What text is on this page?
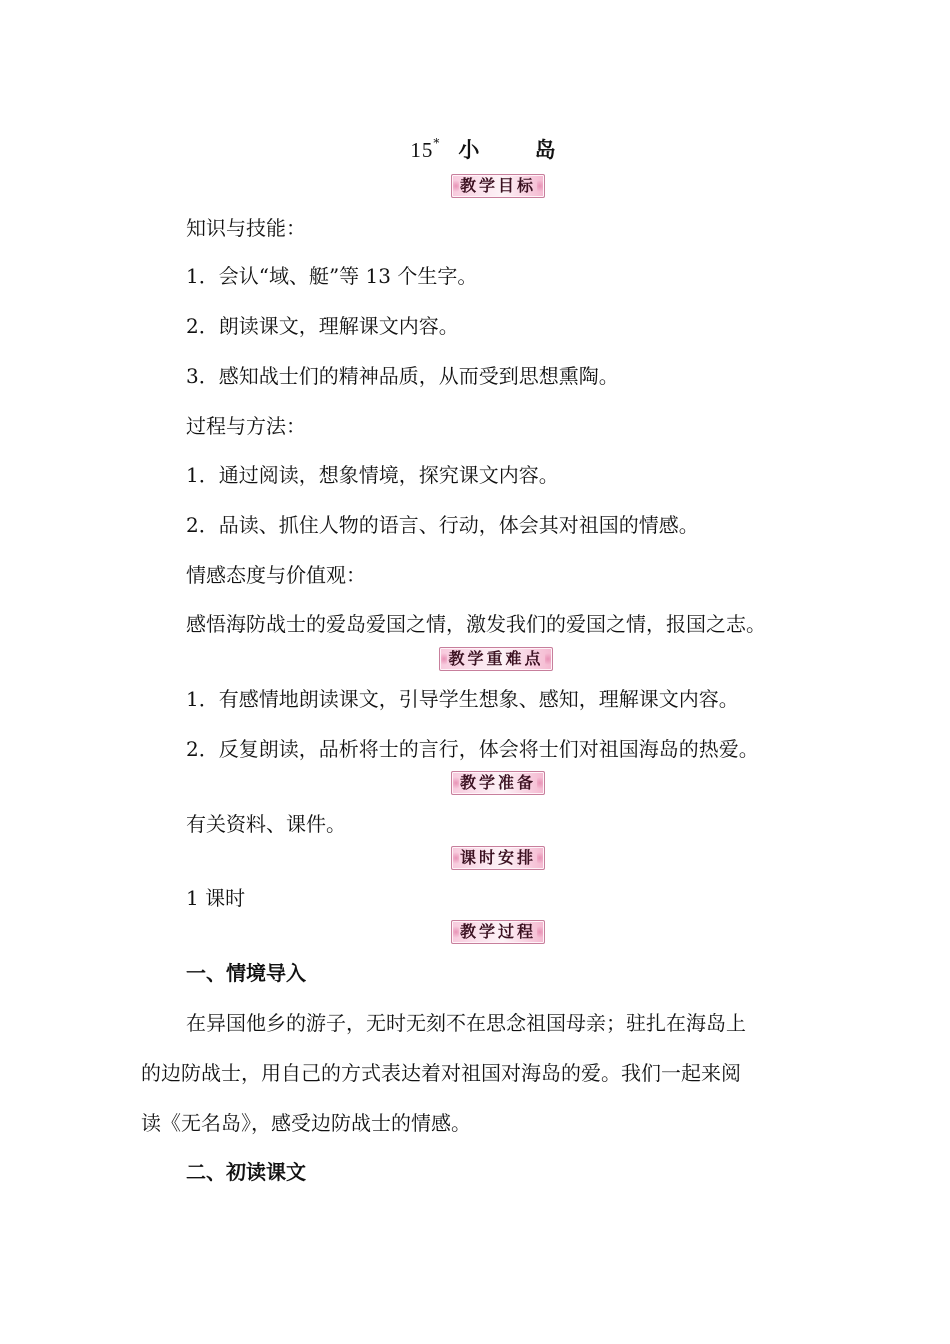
15* 小 岛
教学目标
知识与技能：
1．会认“域、艇”等 13 个生字。
2．朗读课文，理解课文内容。
3．感知战士们的精神品质，从而受到思想熏陶。
过程与方法：
1．通过阅读，想象情境，探究课文内容。
2．品读、抓住人物的语言、行动，体会其对祖国的情感。
情感态度与价值观：
感悟海防战士的爱岛爱国之情，激发我们的爱国之情，报国之志。
教学重难点
1．有感情地朗读课文，引导学生想象、感知，理解课文内容。
2．反复朗读，品析将士的言行，体会将士们对祖国海岛的热爱。
教学准备
有关资料、课件。
课时安排
1 课时
教学过程
一、情境导入
在异国他乡的游子，无时无刻不在思念祖国母亲；驻扎在海岛上
的边防战士，用自己的方式表达着对祖国对海岛的爱。我们一起来阅
读《无名岛》，感受边防战士的情感。
二、初读课文
